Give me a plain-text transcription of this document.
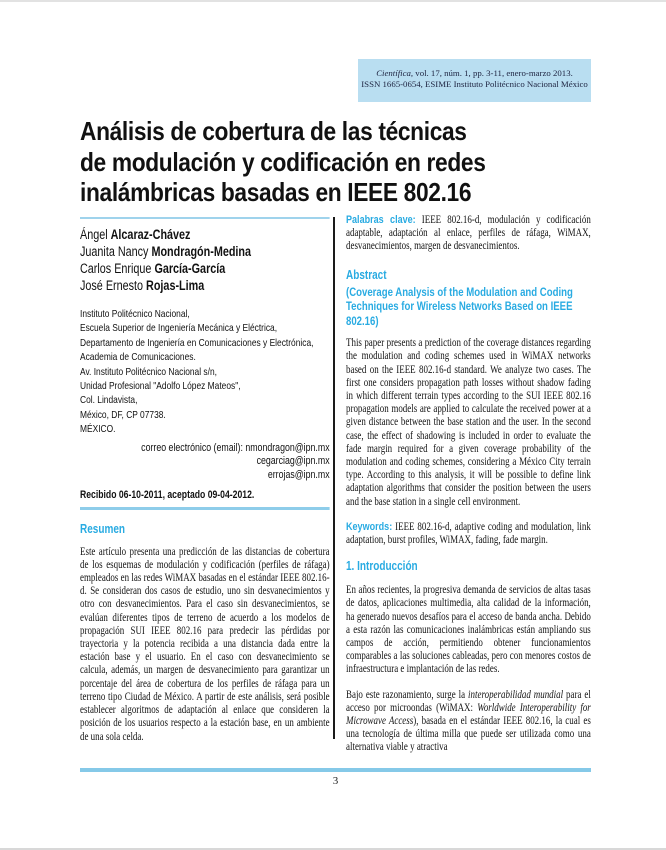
Científica, vol. 17, núm. 1, pp. 3-11, enero-marzo 2013.
ISSN 1665-0654, ESIME Instituto Politécnico Nacional México
Análisis de cobertura de las técnicas
de modulación y codificación en redes
inalámbricas basadas en IEEE 802.16
Ángel Alcaraz-Chávez
Juanita Nancy Mondragón-Medina
Carlos Enrique García-García
José Ernesto Rojas-Lima
Instituto Politécnico Nacional,
Escuela Superior de Ingeniería Mecánica y Eléctrica,
Departamento de Ingeniería en Comunicaciones y Electrónica,
Academia de Comunicaciones.
Av. Instituto Politécnico Nacional s/n,
Unidad Profesional "Adolfo López Mateos",
Col. Lindavista,
México, DF, CP 07738.
MÉXICO.
correo electrónico (email): nmondragon@ipn.mx
cegarciag@ipn.mx
errojas@ipn.mx
Recibido 06-10-2011, aceptado 09-04-2012.
Resumen

Este artículo presenta una predicción de las distancias de cobertura de los esquemas de modulación y codificación (perfiles de ráfaga) empleados en las redes WiMAX basadas en el estándar IEEE 802.16-d. Se consideran dos casos de estudio, uno sin desvanecimientos y otro con desvanecimientos. Para el caso sin desvanecimientos, se evalúan diferentes tipos de terreno de acuerdo a los modelos de propagación SUI IEEE 802.16 para predecir las pérdidas por trayectoria y la potencia recibida a una distancia dada entre la estación base y el usuario. En el caso con desvanecimiento se calcula, además, un margen de desvanecimiento para garantizar un porcentaje del área de cobertura de los perfiles de ráfaga para un terreno tipo Ciudad de México. A partir de este análisis, será posible establecer algoritmos de adaptación al enlace que consideren la posición de los usuarios respecto a la estación base, en un ambiente de una sola celda.

Palabras clave: IEEE 802.16-d, modulación y codificación adaptable, adaptación al enlace, perfiles de ráfaga, WiMAX, desvanecimientos, margen de desvanecimientos.

Abstract
(Coverage Analysis of the Modulation and Coding Techniques for Wireless Networks Based on IEEE 802.16)

This paper presents a prediction of the coverage distances regarding the modulation and coding schemes used in WiMAX networks based on the IEEE 802.16-d standard. We analyze two cases. The first one considers propagation path losses without shadow fading in which different terrain types according to the SUI IEEE 802.16 propagation models are applied to calculate the received power at a given distance between the base station and the user. In the second case, the effect of shadowing is included in order to evaluate the fade margin required for a given coverage probability of the modulation and coding schemes, considering a México City terrain type. According to this analysis, it will be possible to define link adaptation algorithms that consider the position between the users and the base station in a single cell environment.

Keywords: IEEE 802.16-d, adaptive coding and modulation, link adaptation, burst profiles, WiMAX, fading, fade margin.

1. Introducción

En años recientes, la progresiva demanda de servicios de altas tasas de datos, aplicaciones multimedia, alta calidad de la información, ha generado nuevos desafíos para el acceso de banda ancha. Debido a esta razón las comunicaciones inalámbricas están ampliando sus campos de acción, permitiendo obtener funcionamientos comparables a las soluciones cableadas, pero con menores costos de infraestructura e implantación de las redes.

Bajo este razonamiento, surge la interoperabilidad mundial para el acceso por microondas (WiMAX: Worldwide Interoperability for Microwave Access), basada en el estándar IEEE 802.16, la cual es una tecnología de última milla que puede ser utilizada como una alternativa viable y atractiva

3
